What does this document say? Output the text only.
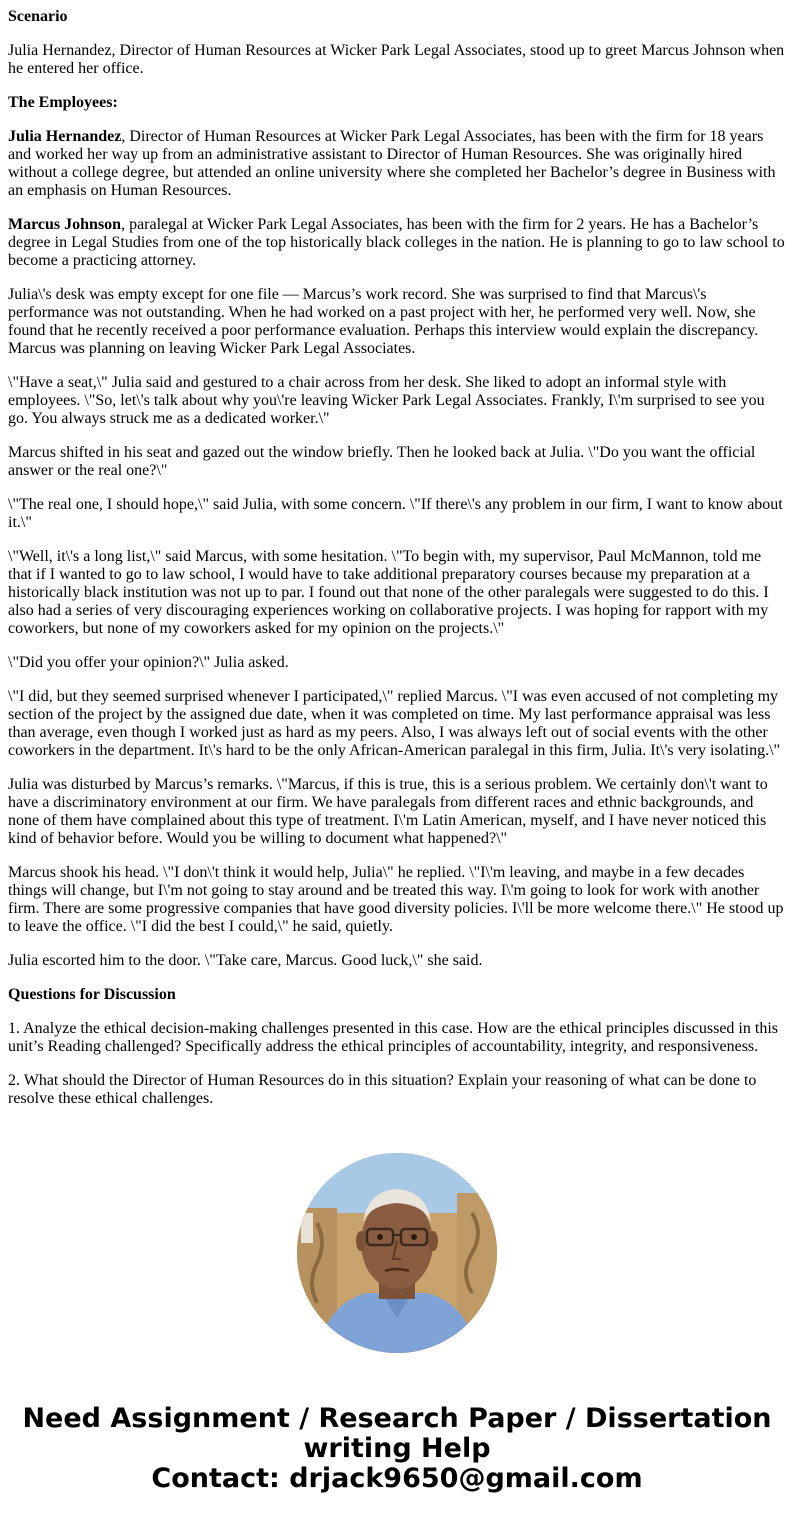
Scenario

Julia Hernandez, Director of Human Resources at Wicker Park Legal Associates, stood up to greet Marcus Johnson when he entered her office.

The Employees:

Julia Hernandez, Director of Human Resources at Wicker Park Legal Associates, has been with the firm for 18 years and worked her way up from an administrative assistant to Director of Human Resources. She was originally hired without a college degree, but attended an online university where she completed her Bachelor’s degree in Business with an emphasis on Human Resources.

Marcus Johnson, paralegal at Wicker Park Legal Associates, has been with the firm for 2 years. He has a Bachelor’s degree in Legal Studies from one of the top historically black colleges in the nation. He is planning to go to law school to become a practicing attorney.

Julia\'s desk was empty except for one file — Marcus’s work record. She was surprised to find that Marcus\'s performance was not outstanding. When he had worked on a past project with her, he performed very well. Now, she found that he recently received a poor performance evaluation. Perhaps this interview would explain the discrepancy. Marcus was planning on leaving Wicker Park Legal Associates.

\"Have a seat,\" Julia said and gestured to a chair across from her desk. She liked to adopt an informal style with employees. \"So, let\'s talk about why you\'re leaving Wicker Park Legal Associates. Frankly, I\'m surprised to see you go. You always struck me as a dedicated worker.\"

Marcus shifted in his seat and gazed out the window briefly. Then he looked back at Julia. \"Do you want the official answer or the real one?\"

\"The real one, I should hope,\" said Julia, with some concern. \"If there\'s any problem in our firm, I want to know about it.\"

\"Well, it\'s a long list,\" said Marcus, with some hesitation. \"To begin with, my supervisor, Paul McMannon, told me that if I wanted to go to law school, I would have to take additional preparatory courses because my preparation at a historically black institution was not up to par. I found out that none of the other paralegals were suggested to do this. I also had a series of very discouraging experiences working on collaborative projects. I was hoping for rapport with my coworkers, but none of my coworkers asked for my opinion on the projects.\"

\"Did you offer your opinion?\" Julia asked.

\"I did, but they seemed surprised whenever I participated,\" replied Marcus. \"I was even accused of not completing my section of the project by the assigned due date, when it was completed on time. My last performance appraisal was less than average, even though I worked just as hard as my peers. Also, I was always left out of social events with the other coworkers in the department. It\'s hard to be the only African-American paralegal in this firm, Julia. It\'s very isolating.\"

Julia was disturbed by Marcus’s remarks. \"Marcus, if this is true, this is a serious problem. We certainly don\'t want to have a discriminatory environment at our firm. We have paralegals from different races and ethnic backgrounds, and none of them have complained about this type of treatment. I\'m Latin American, myself, and I have never noticed this kind of behavior before. Would you be willing to document what happened?\"

Marcus shook his head. \"I don\'t think it would help, Julia\" he replied. \"I\'m leaving, and maybe in a few decades things will change, but I\'m not going to stay around and be treated this way. I\'m going to look for work with another firm. There are some progressive companies that have good diversity policies. I\'ll be more welcome there.\" He stood up to leave the office. \"I did the best I could,\" he said, quietly.

Julia escorted him to the door. \"Take care, Marcus. Good luck,\" she said.

Questions for Discussion

1. Analyze the ethical decision-making challenges presented in this case. How are the ethical principles discussed in this unit’s Reading challenged? Specifically address the ethical principles of accountability, integrity, and responsiveness.

2. What should the Director of Human Resources do in this situation? Explain your reasoning of what can be done to resolve these ethical challenges.

Need Assignment / Research Paper / Dissertation
writing Help
Contact: drjack9650@gmail.com
